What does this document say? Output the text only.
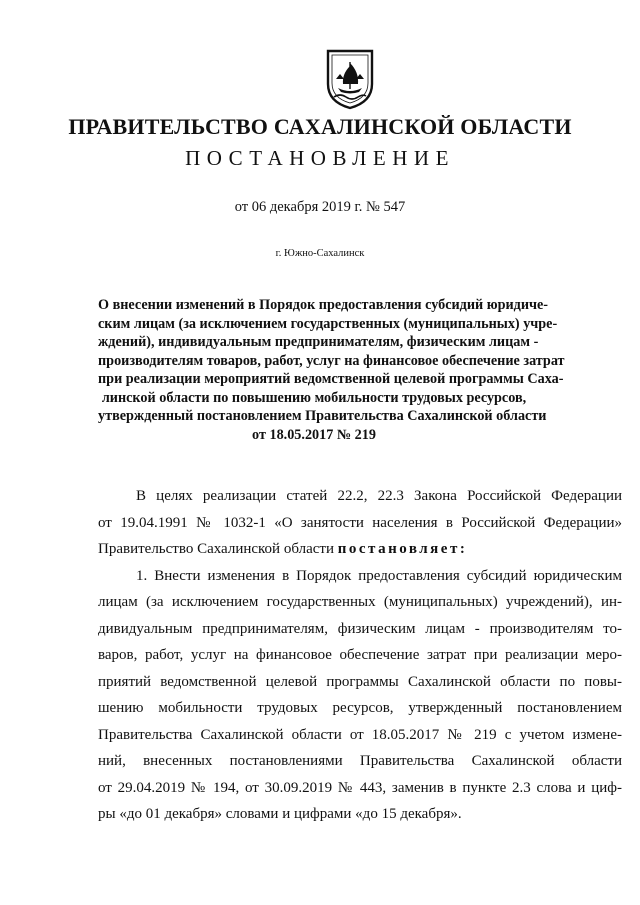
ПРАВИТЕЛЬСТВО САХАЛИНСКОЙ ОБЛАСТИ
ПОСТАНОВЛЕНИЕ
от 06 декабря 2019 г. № 547
г. Южно-Сахалинск
О внесении изменений в Порядок предоставления субсидий юридиче-
ским лицам (за исключением государственных (муниципальных) учре-
ждений), индивидуальным предпринимателям, физическим лицам -
производителям товаров, работ, услуг на финансовое обеспечение затрат
при реализации мероприятий ведомственной целевой программы Саха-
линской области по повышению мобильности трудовых ресурсов,
утвержденный постановлением Правительства Сахалинской области
от 18.05.2017 № 219
В целях реализации статей 22.2, 22.3 Закона Российской Федерации
от 19.04.1991 № 1032-1 «О занятости населения в Российской Федерации»
Правительство Сахалинской области постановляет:
1. Внести изменения в Порядок предоставления субсидий юридическим
лицам (за исключением государственных (муниципальных) учреждений), ин-
дивидуальным предпринимателям, физическим лицам - производителям то-
варов, работ, услуг на финансовое обеспечение затрат при реализации меро-
приятий ведомственной целевой программы Сахалинской области по повы-
шению мобильности трудовых ресурсов, утвержденный постановлением
Правительства Сахалинской области от 18.05.2017 № 219 с учетом измене-
ний, внесенных постановлениями Правительства Сахалинской области
от 29.04.2019 № 194, от 30.09.2019 № 443, заменив в пункте 2.3 слова и циф-
ры «до 01 декабря» словами и цифрами «до 15 декабря».
